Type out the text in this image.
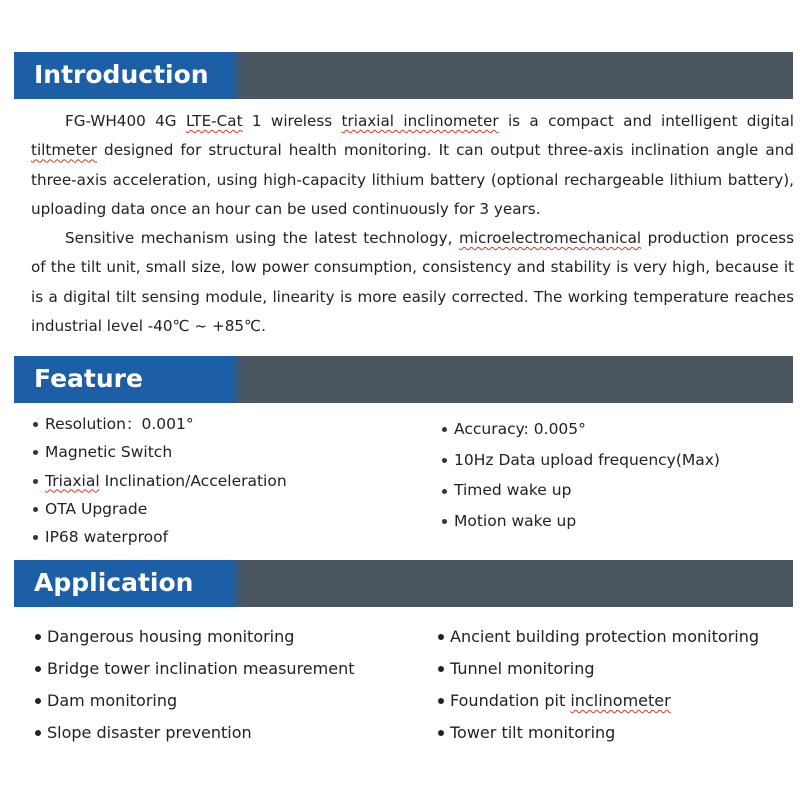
Introduction

FG-WH400 4G LTE-Cat 1 wireless triaxial inclinometer is a compact and intelligent digital tiltmeter designed for structural health monitoring. It can output three-axis inclination angle and three-axis acceleration, using high-capacity lithium battery (optional rechargeable lithium battery), uploading data once an hour can be used continuously for 3 years.

Sensitive mechanism using the latest technology, microelectromechanical production process of the tilt unit, small size, low power consumption, consistency and stability is very high, because it is a digital tilt sensing module, linearity is more easily corrected. The working temperature reaches industrial level -40℃ ~ +85℃.

Feature
Resolution：0.001°
Magnetic Switch
Triaxial Inclination/Acceleration
OTA Upgrade
IP68 waterproof
Accuracy: 0.005°
10Hz Data upload frequency(Max)
Timed wake up
Motion wake up
Application
Dangerous housing monitoring
Bridge tower inclination measurement
Dam monitoring
Slope disaster prevention
Ancient building protection monitoring
Tunnel monitoring
Foundation pit inclinometer
Tower tilt monitoring
